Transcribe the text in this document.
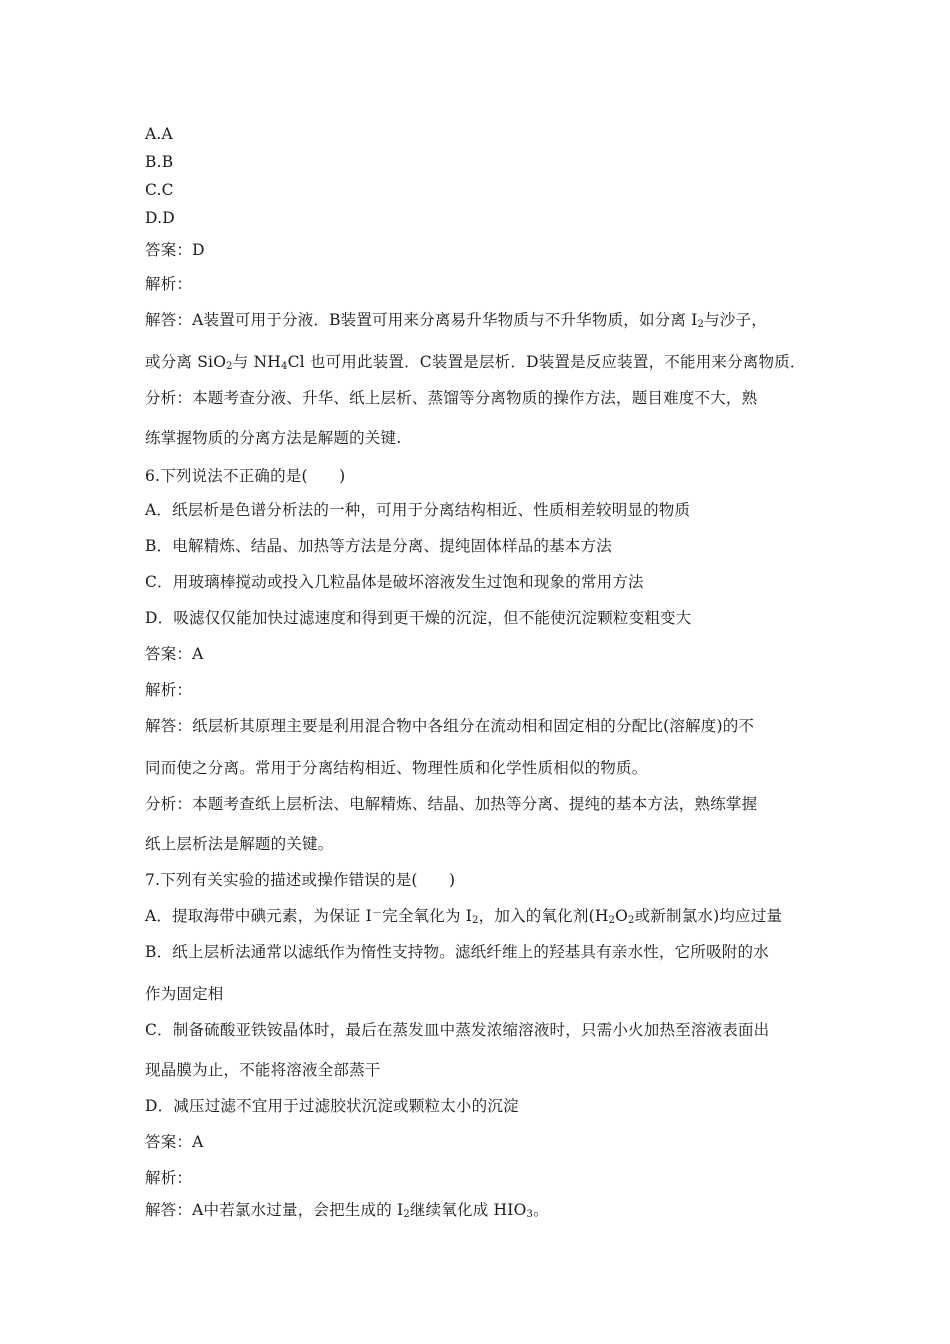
A.A
B.B
C.C
D.D
答案：D
解析：
解答：A装置可用于分液．B装置可用来分离易升华物质与不升华物质，如分离 $I_2$与沙子，
或分离 SiO$_2$与 $NH_4Cl$ 也可用此装置．C装置是层析．D装置是反应装置，不能用来分离物质．
分析：本题考查分液、升华、纸上层析、蒸馏等分离物质的操作方法，题目难度不大，熟
练掌握物质的分离方法是解题的关键.
6.下列说法不正确的是(　　)
A．纸层析是色谱分析法的一种，可用于分离结构相近、性质相差较明显的物质
B．电解精炼、结晶、加热等方法是分离、提纯固体样品的基本方法
C．用玻璃棒搅动或投入几粒晶体是破坏溶液发生过饱和现象的常用方法
D．吸滤仅仅能加快过滤速度和得到更干燥的沉淀，但不能使沉淀颗粒变粗变大
答案：A
解析：
解答：纸层析其原理主要是利用混合物中各组分在流动相和固定相的分配比(溶解度)的不
同而使之分离。常用于分离结构相近、物理性质和化学性质相似的物质。
分析：本题考查纸上层析法、电解精炼、结晶、加热等分离、提纯的基本方法，熟练掌握
纸上层析法是解题的关键。
7.下列有关实验的描述或操作错误的是(　　)
A．提取海带中碘元素，为保证 I－完全氧化为 $I_2$，加入的氧化剂($H_2O_2$或新制氯水)均应过量
B．纸上层析法通常以滤纸作为惰性支持物。滤纸纤维上的羟基具有亲水性，它所吸附的水
作为固定相
C．制备硫酸亚铁铵晶体时，最后在蒸发皿中蒸发浓缩溶液时，只需小火加热至溶液表面出
现晶膜为止，不能将溶液全部蒸干
D．减压过滤不宜用于过滤胶状沉淀或颗粒太小的沉淀
答案：A
解析：
解答：A中若氯水过量，会把生成的 $I_2$继续氧化成 $HIO_3$。
